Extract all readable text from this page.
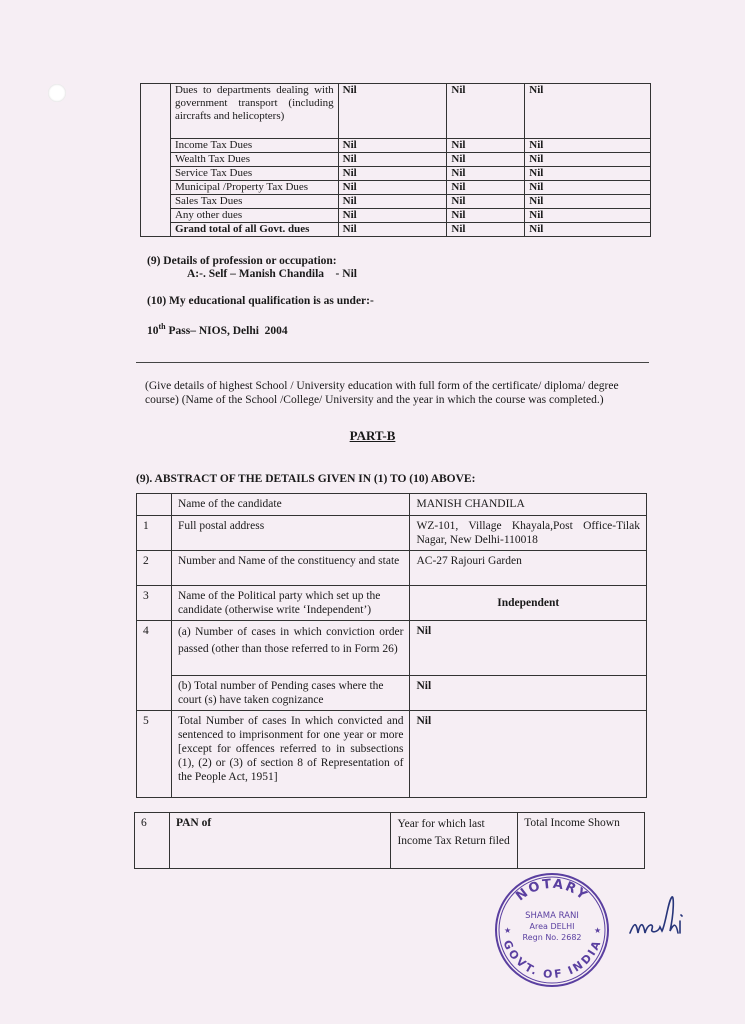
	Dues to departments dealing with government transport (including aircrafts and helicopters)	Nil	Nil	Nil
	Income Tax Dues	Nil	Nil	Nil
	Wealth Tax Dues	Nil	Nil	Nil
	Service Tax Dues	Nil	Nil	Nil
	Municipal /Property Tax Dues	Nil	Nil	Nil
	Sales Tax Dues	Nil	Nil	Nil
	Any other dues	Nil	Nil	Nil
	Grand total of all Govt. dues	Nil	Nil	Nil
(9) Details of profession or occupation:
A:-. Self – Manish Chandila    - Nil
(10) My educational qualification is as under:-
10th Pass– NIOS, Delhi  2004
(Give details of highest School / University education with full form of the certificate/ diploma/ degree course) (Name of the School /College/ University and the year in which the course was completed.)
PART-B
(9). ABSTRACT OF THE DETAILS GIVEN IN (1) TO (10) ABOVE:
	Name of the candidate	MANISH CHANDILA
1	Full postal address	WZ-101, Village Khayala,Post Office-Tilak Nagar, New Delhi-110018
2	Number and Name of the constituency and state	AC-27 Rajouri Garden
3	Name of the Political party which set up the candidate (otherwise write ‘Independent’)	Independent
4	(a) Number of cases in which conviction order passed (other than those referred to in Form 26)	Nil
	(b) Total number of Pending cases where the court (s) have taken cognizance	Nil
5	Total Number of cases In which convicted and sentenced to imprisonment for one year or more [except for offences referred to in subsections (1), (2) or (3) of section 8 of Representation of the People Act, 1951]	Nil
6	PAN of	Year for which last Income Tax Return filed	Total Income Shown
NOTARY
GOVT. OF INDIA
SHAMA RANI
Area DELHI
Regn No. 2682
★	★
